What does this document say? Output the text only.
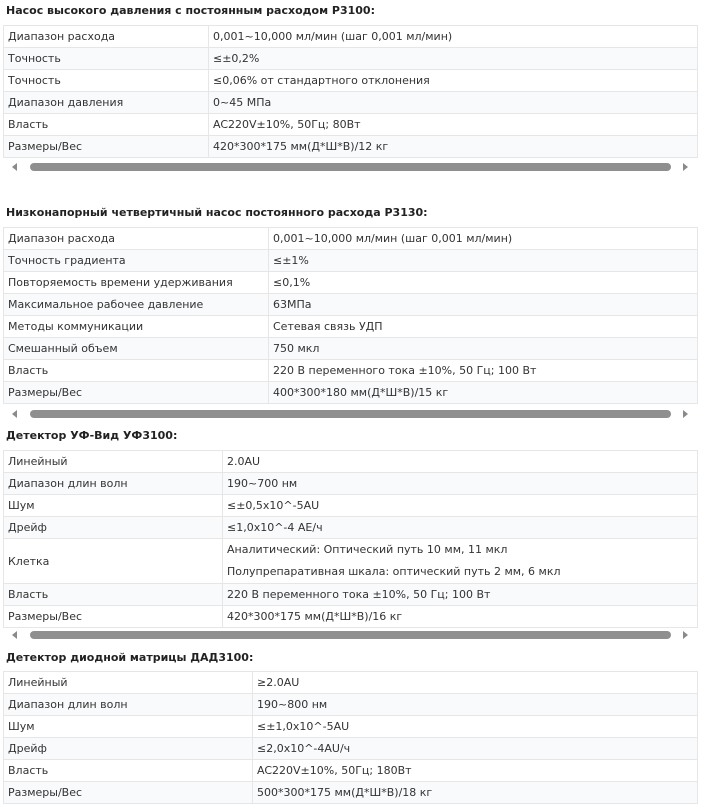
Насос высокого давления с постоянным расходом P3100:
Диапазон расхода	0,001~10,000 мл/мин (шаг 0,001 мл/мин)
Точность	≤±0,2%
Точность	≤0,06% от стандартного отклонения
Диапазон давления	0~45 МПа
Власть	AC220V±10%, 50Гц; 80Вт
Размеры/Вес	420*300*175 мм(Д*Ш*В)/12 кг
Низконапорный четвертичный насос постоянного расхода P3130:
Диапазон расхода	0,001~10,000 мл/мин (шаг 0,001 мл/мин)
Точность градиента	≤±1%
Повторяемость времени удерживания	≤0,1%
Максимальное рабочее давление	63МПа
Методы коммуникации	Сетевая связь УДП
Смешанный объем	750 мкл
Власть	220 В переменного тока ±10%, 50 Гц; 100 Вт
Размеры/Вес	400*300*180 мм(Д*Ш*В)/15 кг
Детектор УФ-Вид УФ3100:
Линейный	2.0AU
Диапазон длин волн	190~700 нм
Шум	≤±0,5x10^-5AU
Дрейф	≤1,0x10^-4 АЕ/ч
Клетка	Аналитический: Оптический путь 10 мм, 11 мкл
Полупрепаративная шкала: оптический путь 2 мм, 6 мкл

Власть	220 В переменного тока ±10%, 50 Гц; 100 Вт
Размеры/Вес	420*300*175 мм(Д*Ш*В)/16 кг
Детектор диодной матрицы ДАД3100:
Линейный	≥2.0AU
Диапазон длин волн	190~800 нм
Шум	≤±1,0x10^-5AU
Дрейф	≤2,0x10^-4AU/ч
Власть	AC220V±10%, 50Гц; 180Вт
Размеры/Вес	500*300*175 мм(Д*Ш*В)/18 кг
